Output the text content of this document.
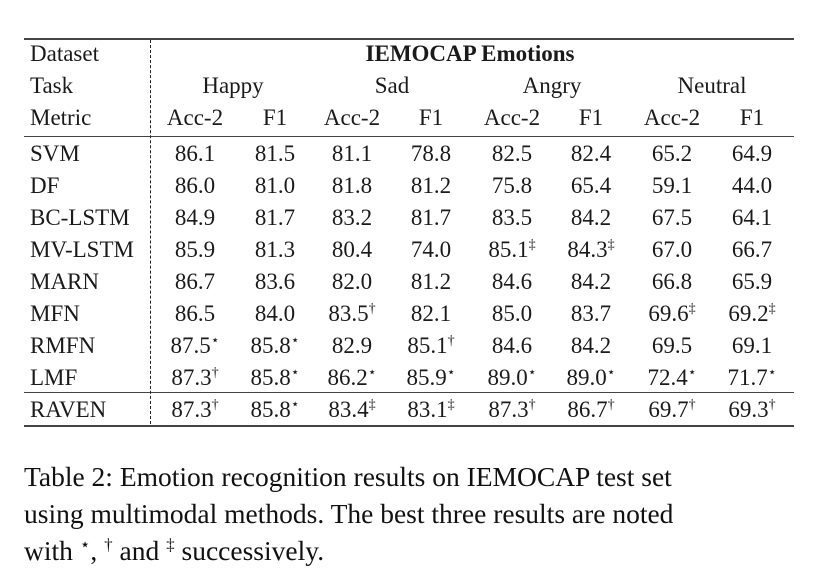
Dataset	IEMOCAP Emotions
Task	Happy	Sad	Angry	Neutral
Metric	Acc-2	F1	Acc-2	F1	Acc-2	F1	Acc-2	F1
SVM	86.1	81.5	81.1	78.8	82.5	82.4	65.2	64.9
DF	86.0	81.0	81.8	81.2	75.8	65.4	59.1	44.0
BC-LSTM	84.9	81.7	83.2	81.7	83.5	84.2	67.5	64.1
MV-LSTM	85.9	81.3	80.4	74.0	85.1‡	84.3‡	67.0	66.7
MARN	86.7	83.6	82.0	81.2	84.6	84.2	66.8	65.9
MFN	86.5	84.0	83.5†	82.1	85.0	83.7	69.6‡	69.2‡
RMFN	87.5⋆	85.8⋆	82.9	85.1†	84.6	84.2	69.5	69.1
LMF	87.3†	85.8⋆	86.2⋆	85.9⋆	89.0⋆	89.0⋆	72.4⋆	71.7⋆
RAVEN	87.3†	85.8⋆	83.4‡	83.1‡	87.3†	86.7†	69.7†	69.3†
Table 2: Emotion recognition results on IEMOCAP test set
using multimodal methods. The best three results are noted
with ⋆, † and ‡ successively.
